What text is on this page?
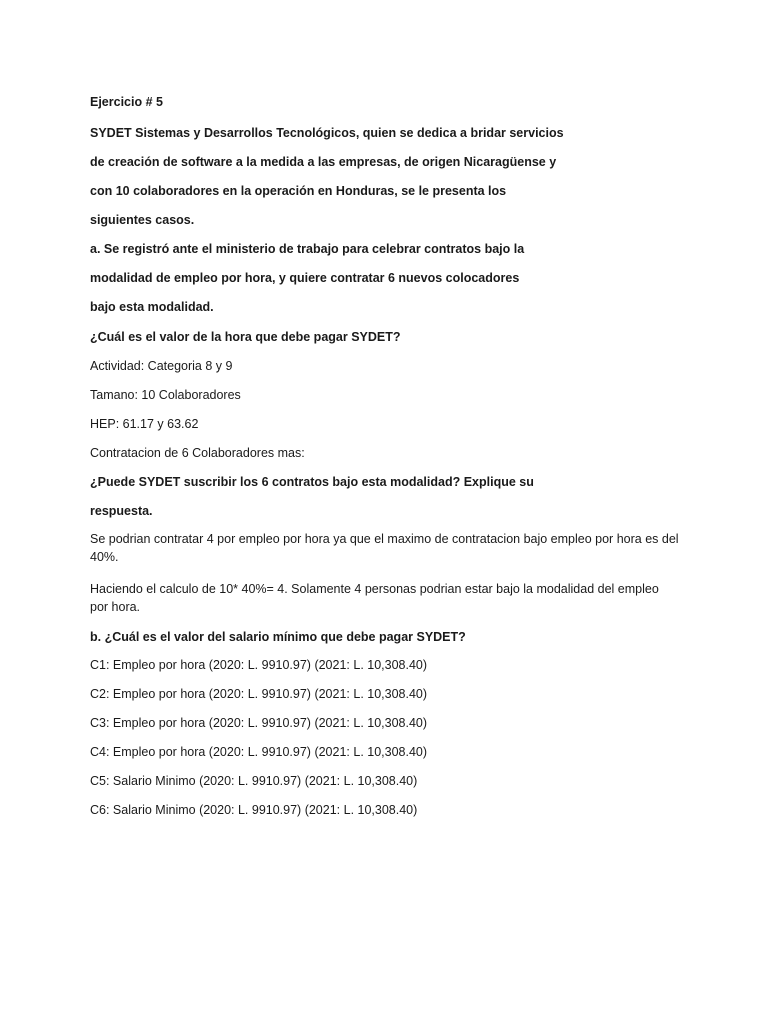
Ejercicio # 5
SYDET Sistemas y Desarrollos Tecnológicos, quien se dedica a bridar servicios
de creación de software a la medida a las empresas, de origen Nicaragüense y
con 10 colaboradores en la operación en Honduras, se le presenta los
siguientes casos.
a. Se registró ante el ministerio de trabajo para celebrar contratos bajo la
modalidad de empleo por hora, y quiere contratar 6 nuevos colocadores
bajo esta modalidad.
¿Cuál es el valor de la hora que debe pagar SYDET?
Actividad: Categoria 8 y 9
Tamano: 10 Colaboradores
HEP: 61.17 y 63.62
Contratacion de 6 Colaboradores mas:
¿Puede SYDET suscribir los 6 contratos bajo esta modalidad? Explique su
respuesta.
Se podrian contratar 4 por empleo por hora ya que el maximo de contratacion bajo empleo por hora es del 40%.
Haciendo el calculo de 10* 40%= 4. Solamente 4 personas podrian estar bajo la modalidad del empleo por hora.
b. ¿Cuál es el valor del salario mínimo que debe pagar SYDET?
C1: Empleo por hora (2020: L. 9910.97) (2021: L. 10,308.40)
C2: Empleo por hora (2020: L. 9910.97) (2021: L. 10,308.40)
C3: Empleo por hora (2020: L. 9910.97) (2021: L. 10,308.40)
C4: Empleo por hora (2020: L. 9910.97) (2021: L. 10,308.40)
C5: Salario Minimo (2020: L. 9910.97) (2021: L. 10,308.40)
C6: Salario Minimo (2020: L. 9910.97) (2021: L. 10,308.40)
